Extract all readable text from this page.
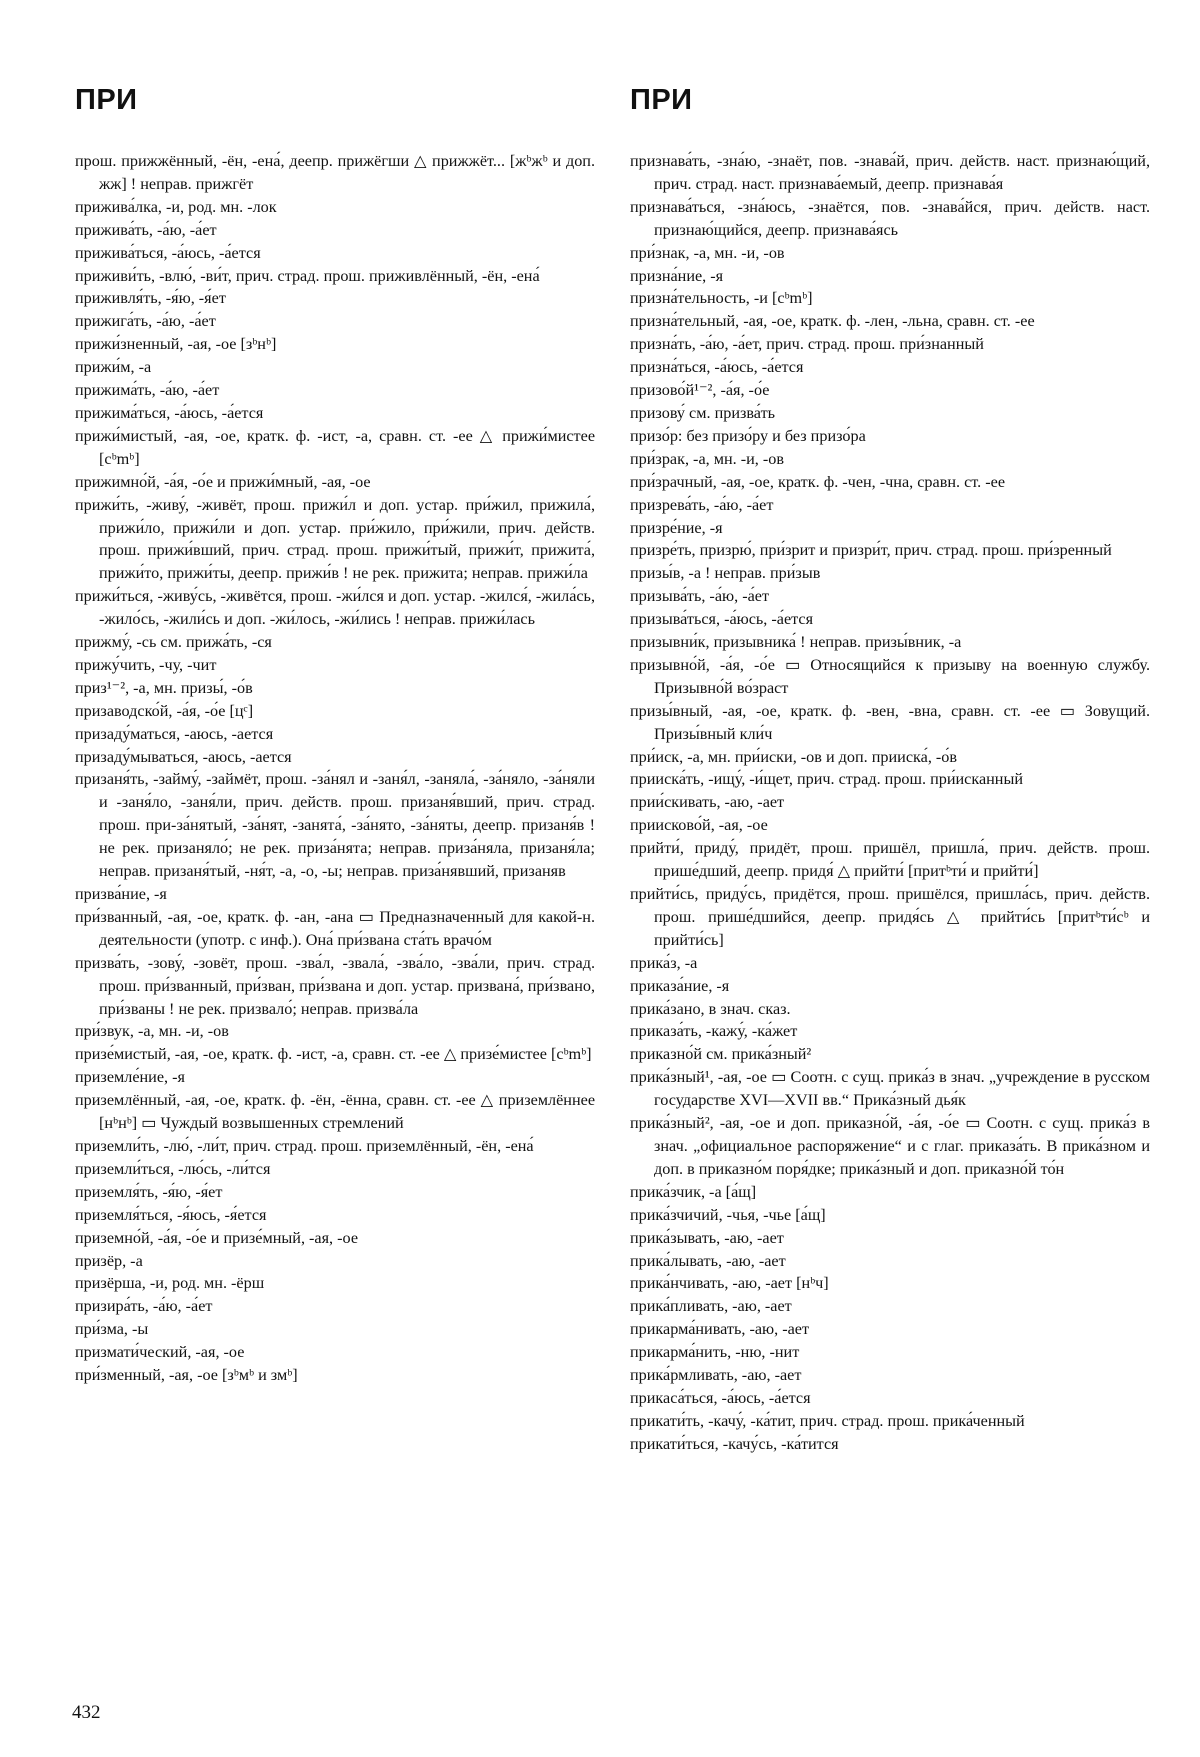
ПРИ	ПРИ

прош. прижжённый, -ён, -ена́, деепр. прижёгши △ прижжёт... [жᵇжᵇ и доп. жж] ! неправ. прижгёт

прижива́лка, -и, род. мн. -лок

прижива́ть, -а́ю, -а́ет

прижива́ться, -а́юсь, -а́ется

приживи́ть, -влю́, -ви́т, прич. страд. прош. приживлённый, -ён, -ена́

приживля́ть, -я́ю, -я́ет

прижига́ть, -а́ю, -а́ет

прижи́зненный, -ая, -ое [зᵇнᵇ]

прижи́м, -а

прижима́ть, -а́ю, -а́ет

прижима́ться, -а́юсь, -а́ется

прижи́мистый, -ая, -ое, кратк. ф. -ист, -а, сравн. ст. -ее △ прижи́мистее [cᵇmᵇ]

прижимно́й, -а́я, -о́е и прижи́мный, -ая, -ое

прижи́ть, -живу́, -живёт, прош. прижи́л и доп. устар. при́жил, прижила́, прижи́ло, прижи́ли и доп. устар. при́жило, при́жили, прич. действ. прош. прижи́вший, прич. страд. прош. прижи́тый, прижи́т, прижита́, прижи́то, прижи́ты, деепр. прижи́в ! не рек. прижита; неправ. прижи́ла

прижи́ться, -живу́сь, -живётся, прош. -жи́лся и доп. устар. -жился́, -жила́сь, -жило́сь, -жили́сь и доп. -жи́лось, -жи́лись ! неправ. прижи́лась

прижму́, -сь см. прижа́ть, -ся

прижу́чить, -чу, -чит

приз¹⁻², -а, мн. призы́, -о́в

призаводско́й, -а́я, -о́е [цᶜ]

призаду́маться, -аюсь, -ается

призаду́мываться, -аюсь, -ается

призаня́ть, -займу́, -займёт, прош. -за́нял и -заня́л, -заняла́, -за́няло, -за́няли и -заня́ло, -заня́ли, прич. действ. прош. призаня́вший, прич. страд. прош. при-за́нятый, -за́нят, -занята́, -за́нято, -за́няты, деепр. призаня́в ! не рек. призаняло́; не рек. приза́нята; неправ. приза́няла, призаня́ла; неправ. призаня́тый, -ня́т, -а, -о, -ы; неправ. приза́нявший, призаняв

призва́ние, -я

при́званный, -ая, -ое, кратк. ф. -ан, -ана ▭ Предназначенный для какой-н. деятельности (употр. с инф.). Она́ при́звана ста́ть врачо́м

призва́ть, -зову́, -зовёт, прош. -зва́л, -звала́, -зва́ло, -зва́ли, прич. страд. прош. при́званный, при́зван, при́звана и доп. устар. призвана́, при́звано, при́званы ! не рек. призвало́; неправ. призва́ла

при́звук, -а, мн. -и, -ов

призе́мистый, -ая, -ое, кратк. ф. -ист, -а, сравн. ст. -ее △ призе́мистее [cᵇmᵇ]

приземле́ние, -я

приземлённый, -ая, -ое, кратк. ф. -ён, -ённа, сравн. ст. -ее △ приземлённее [нᵇнᵇ] ▭ Чуждый возвышенных стремлений

приземли́ть, -лю́, -ли́т, прич. страд. прош. приземлённый, -ён, -ена́

приземли́ться, -лю́сь, -ли́тся

приземля́ть, -я́ю, -я́ет

приземля́ться, -я́юсь, -я́ется

приземно́й, -а́я, -о́е и призе́мный, -ая, -ое

призёр, -а

призёрша, -и, род. мн. -ёрш

призира́ть, -а́ю, -а́ет

при́зма, -ы

призмати́ческий, -ая, -ое

при́зменный, -ая, -ое [зᵇмᵇ и змᵇ]

признава́ть, -зна́ю, -знаёт, пов. -знава́й, прич. действ. наст. признаю́щий, прич. страд. наст. признава́емый, деепр. признава́я

признава́ться, -зна́юсь, -знаётся, пов. -знава́йся, прич. действ. наст. признаю́щийся, деепр. признава́ясь

при́знак, -а, мн. -и, -ов

призна́ние, -я

призна́тельность, -и [cᵇmᵇ]

призна́тельный, -ая, -ое, кратк. ф. -лен, -льна, сравн. ст. -ее

призна́ть, -а́ю, -а́ет, прич. страд. прош. при́знанный

призна́ться, -а́юсь, -а́ется

призово́й¹⁻², -а́я, -о́е

призову́ см. призва́ть

призо́р: без призо́ру и без призо́ра

при́зрак, -а, мн. -и, -ов

при́зрачный, -ая, -ое, кратк. ф. -чен, -чна, сравн. ст. -ее

призрева́ть, -а́ю, -а́ет

призре́ние, -я

призре́ть, призрю́, при́зрит и призри́т, прич. страд. прош. при́зренный

призы́в, -а ! неправ. при́зыв

призыва́ть, -а́ю, -а́ет

призыва́ться, -а́юсь, -а́ется

призывни́к, призывника́ ! неправ. призы́вник, -а

призывно́й, -а́я, -о́е ▭ Относящийся к призыву на военную службу. Призывно́й во́зраст

призы́вный, -ая, -ое, кратк. ф. -вен, -вна, сравн. ст. -ее ▭ Зовущий. Призы́вный кли́ч

при́иск, -а, мн. при́иски, -ов и доп. прииска́, -о́в

прииска́ть, -ищу́, -и́щет, прич. страд. прош. при́исканный

прии́скивать, -аю, -ает

приисково́й, -ая, -ое

прийти́, приду́, придёт, прош. пришёл, пришла́, прич. действ. прош. прише́дший, деепр. придя́ △ прийти́ [притᵇти́ и прийти́]

прийти́сь, приду́сь, придётся, прош. пришёлся, пришла́сь, прич. действ. прош. прише́дшийся, деепр. придя́сь △ прийти́сь [притᵇти́сᵇ и прийти́сь]

прика́з, -а

приказа́ние, -я

прика́зано, в знач. сказ.

приказа́ть, -кажу́, -ка́жет

приказно́й см. прика́зный²

прика́зный¹, -ая, -ое ▭ Соотн. с сущ. прика́з в знач. „учреждение в русском государстве XVI—XVII вв.“ Прика́зный дья́к

прика́зный², -ая, -ое и доп. приказно́й, -а́я, -о́е ▭ Соотн. с сущ. прика́з в знач. „официальное распоряжение“ и с глаг. приказа́ть. В прика́зном и доп. в приказно́м поря́дке; прика́зный и доп. приказно́й то́н

прика́зчик, -а [а́щ]

прика́зчичий, -чья, -чье [а́щ]

прика́зывать, -аю, -ает

прика́лывать, -аю, -ает

прика́нчивать, -аю, -ает [нᵇч]

прика́пливать, -аю, -ает

прикарма́нивать, -аю, -ает

прикарма́нить, -ню, -нит

прика́рмливать, -аю, -ает

прикаса́ться, -а́юсь, -а́ется

прикати́ть, -качу́, -ка́тит, прич. страд. прош. прика́ченный

прикати́ться, -качу́сь, -ка́тится

432
